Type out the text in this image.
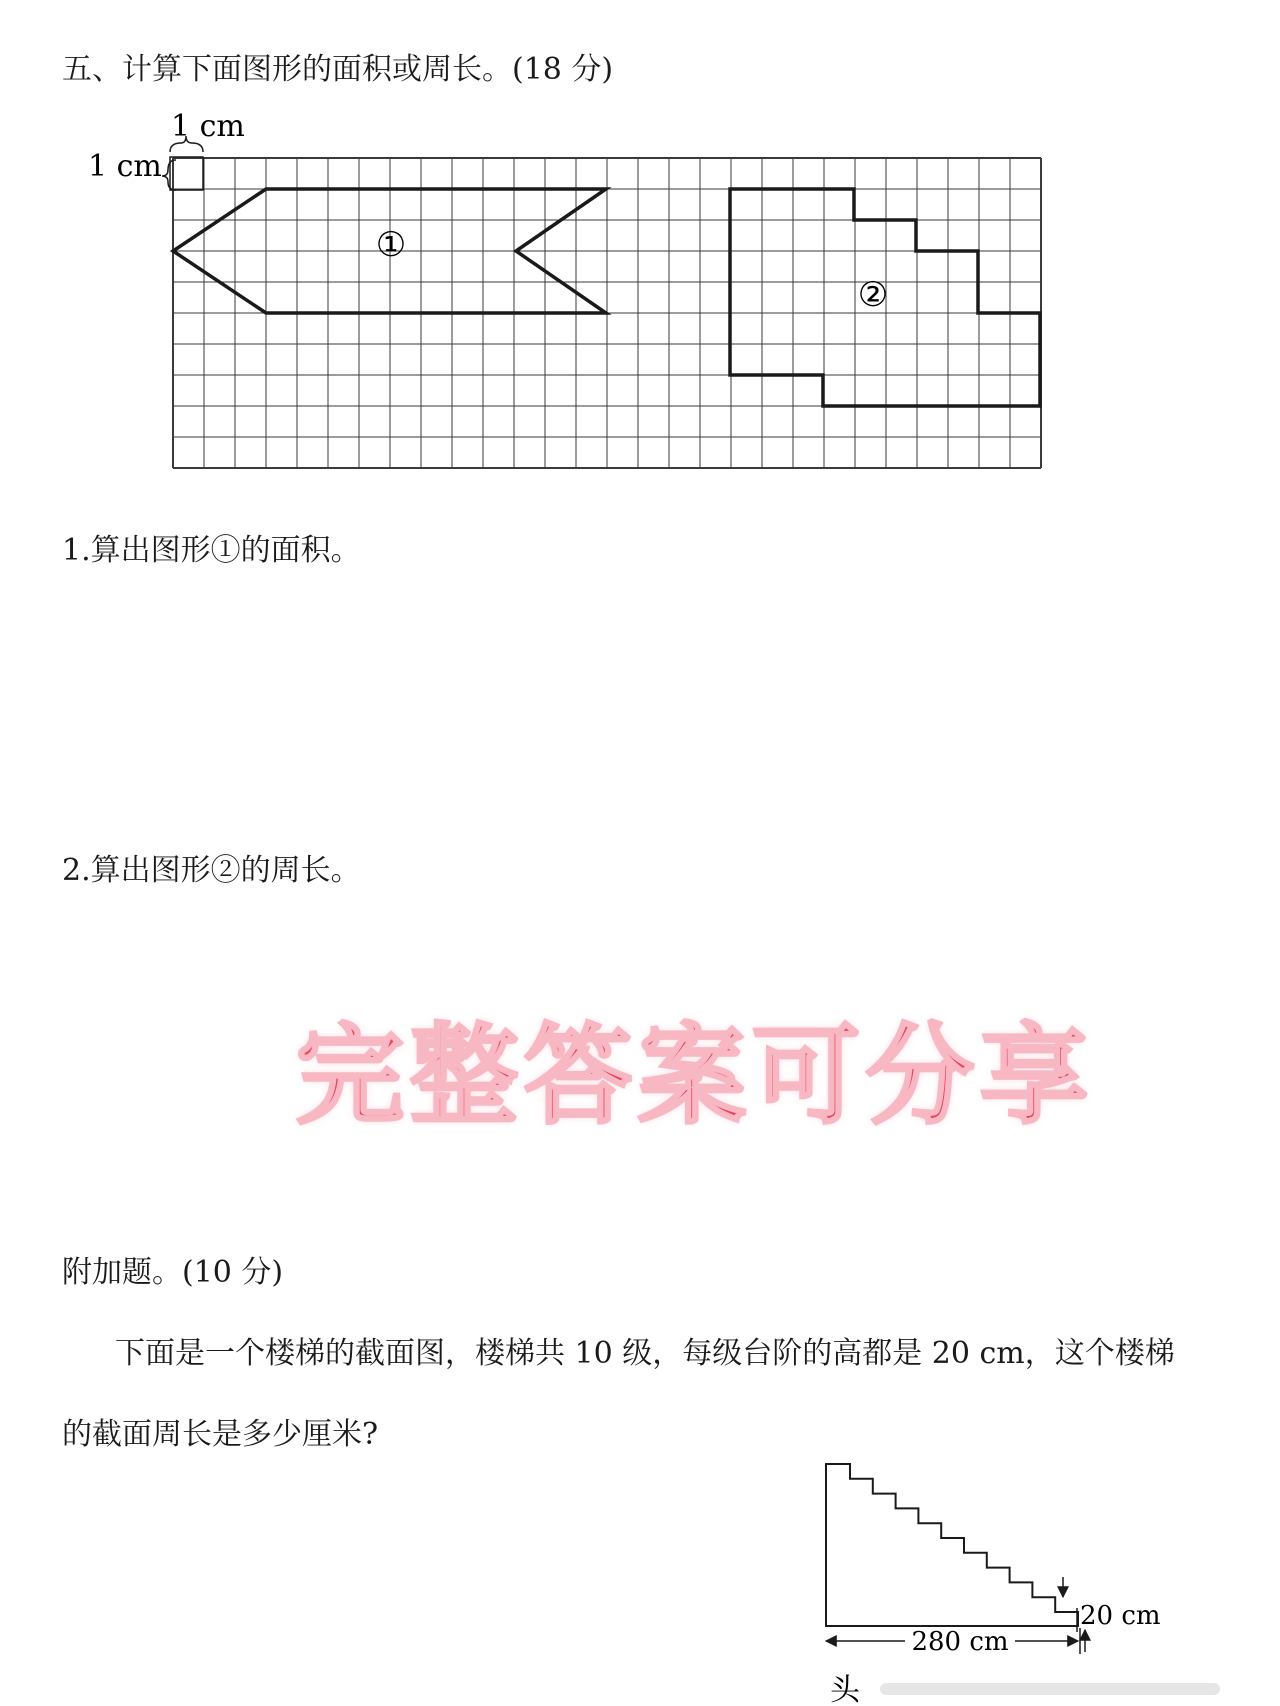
五、计算下面图形的面积或周长。(18 分)
1 cm
1 cm
①
②
1.算出图形①的面积。
2.算出图形②的周长。
完整答案可分享
附加题。(10 分)
下面是一个楼梯的截面图，楼梯共 10 级，每级台阶的高都是 20 cm，这个楼梯
的截面周长是多少厘米?
280 cm
20 cm
头
